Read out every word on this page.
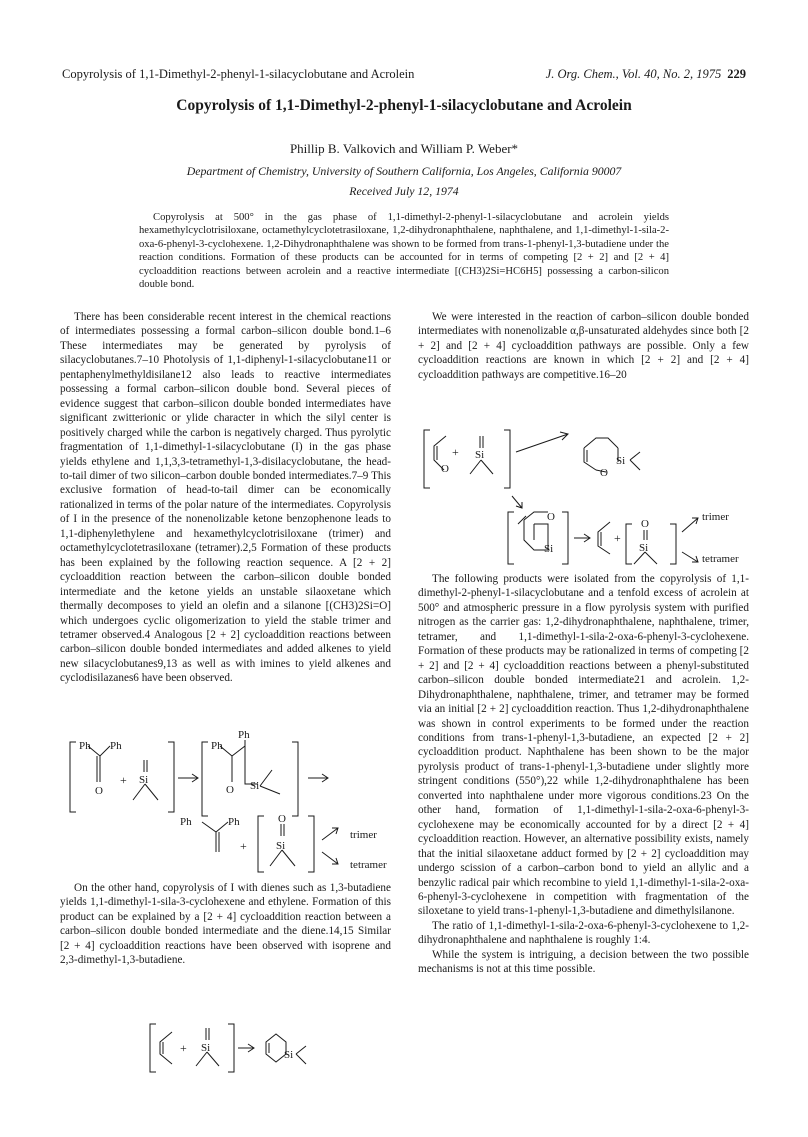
Copyrolysis of 1,1-Dimethyl-2-phenyl-1-silacyclobutane and Acrolein	J. Org. Chem., Vol. 40, No. 2, 1975 229
Copyrolysis of 1,1-Dimethyl-2-phenyl-1-silacyclobutane and Acrolein
Phillip B. Valkovich and William P. Weber*
Department of Chemistry, University of Southern California, Los Angeles, California 90007
Received July 12, 1974
Copyrolysis at 500° in the gas phase of 1,1-dimethyl-2-phenyl-1-silacyclobutane and acrolein yields hexamethylcyclotrisiloxane, octamethylcyclotetrasiloxane, 1,2-dihydronaphthalene, naphthalene, and 1,1-dimethyl-1-sila-2-oxa-6-phenyl-3-cyclohexene. 1,2-Dihydronaphthalene was shown to be formed from trans-1-phenyl-1,3-butadiene under the reaction conditions. Formation of these products can be accounted for in terms of competing [2 + 2] and [2 + 4] cycloaddition reactions between acrolein and a reactive intermediate [(CH3)2Si=HC6H5] possessing a carbon-silicon double bond.

There has been considerable recent interest in the chemical reactions of intermediates possessing a formal carbon–silicon double bond.1–6 These intermediates may be generated by pyrolysis of silacyclobutanes.7–10 Photolysis of 1,1-diphenyl-1-silacyclobutane11 or pentaphenylmethyldisilane12 also leads to reactive intermediates possessing a formal carbon–silicon double bond. Several pieces of evidence suggest that carbon–silicon double bonded intermediates have significant zwitterionic or ylide character in which the silyl center is positively charged while the carbon is negatively charged. Thus pyrolytic fragmentation of 1,1-dimethyl-1-silacyclobutane (I) in the gas phase yields ethylene and 1,1,3,3-tetramethyl-1,3-disilacyclobutane, the head-to-tail dimer of two silicon–carbon double bonded intermediates.7–9 This exclusive formation of head-to-tail dimer can be economically rationalized in terms of the polar nature of the intermediates. Copyrolysis of I in the presence of the nonenolizable ketone benzophenone leads to 1,1-diphenylethylene and hexamethylcyclotrisiloxane (trimer) and octamethylcyclotetrasiloxane (tetramer).2,5 Formation of these products has been explained by the following reaction sequence. A [2 + 2] cycloaddition reaction between the carbon–silicon double bonded intermediate and the ketone yields an unstable silaoxetane which thermally decomposes to yield an olefin and a silanone [(CH3)2Si=O] which undergoes cyclic oligomerization to yield the stable trimer and tetramer observed.4 Analogous [2 + 2] cycloaddition reactions between carbon–silicon double bonded intermediates and added alkenes to yield new silacyclobutanes9,13 as well as with imines to yield alkenes and cyclodisilazanes6 have been observed.

Ph Ph
O
+ Si
Ph
Ph
O Si
Ph	Ph
+
O
Si
trimer
tetramer

On the other hand, copyrolysis of I with dienes such as 1,3-butadiene yields 1,1-dimethyl-1-sila-3-cyclohexene and ethylene. Formation of this product can be explained by a [2 + 4] cycloaddition reaction between a carbon–silicon double bonded intermediate and the diene.14,15 Similar [2 + 4] cycloaddition reactions have been observed with isoprene and 2,3-dimethyl-1,3-butadiene.

+ Si
Si

We were interested in the reaction of carbon–silicon double bonded intermediates with nonenolizable α,β-unsaturated aldehydes since both [2 + 2] and [2 + 4] cycloaddition pathways are possible. Only a few cycloaddition reactions are known in which [2 + 2] and [2 + 4] cycloaddition pathways are competitive.16–20

+
O
Si
O
Si
O
Si
+
O
Si
trimer
tetramer

The following products were isolated from the copyrolysis of 1,1-dimethyl-2-phenyl-1-silacyclobutane and a tenfold excess of acrolein at 500° and atmospheric pressure in a flow pyrolysis system with purified nitrogen as the carrier gas: 1,2-dihydronaphthalene, naphthalene, trimer, tetramer, and 1,1-dimethyl-1-sila-2-oxa-6-phenyl-3-cyclohexene. Formation of these products may be rationalized in terms of competing [2 + 2] and [2 + 4] cycloaddition reactions between a phenyl-substituted carbon–silicon double bonded intermediate21 and acrolein. 1,2-Dihydronaphthalene, naphthalene, trimer, and tetramer may be formed via an initial [2 + 2] cycloaddition reaction. Thus 1,2-dihydronaphthalene was shown in control experiments to be formed under the reaction conditions from trans-1-phenyl-1,3-butadiene, an expected [2 + 2] cycloaddition product. Naphthalene has been shown to be the major pyrolysis product of trans-1-phenyl-1,3-butadiene under slightly more stringent conditions (550°),22 while 1,2-dihydronaphthalene has been converted into naphthalene under more vigorous conditions.23 On the other hand, formation of 1,1-dimethyl-1-sila-2-oxa-6-phenyl-3-cyclohexene may be economically accounted for by a direct [2 + 4] cycloaddition reaction. However, an alternative possibility exists, namely that the initial silaoxetane adduct formed by [2 + 2] cycloaddition may undergo scission of a carbon–carbon bond to yield an allylic and a benzylic radical pair which recombine to yield 1,1-dimethyl-1-sila-2-oxa-6-phenyl-3-cyclohexene in competition with fragmentation of the siloxetane to yield trans-1-phenyl-1,3-butadiene and dimethylsilanone.

The ratio of 1,1-dimethyl-1-sila-2-oxa-6-phenyl-3-cyclohexene to 1,2-dihydronaphthalene and naphthalene is roughly 1:4.

While the system is intriguing, a decision between the two possible mechanisms is not at this time possible.
